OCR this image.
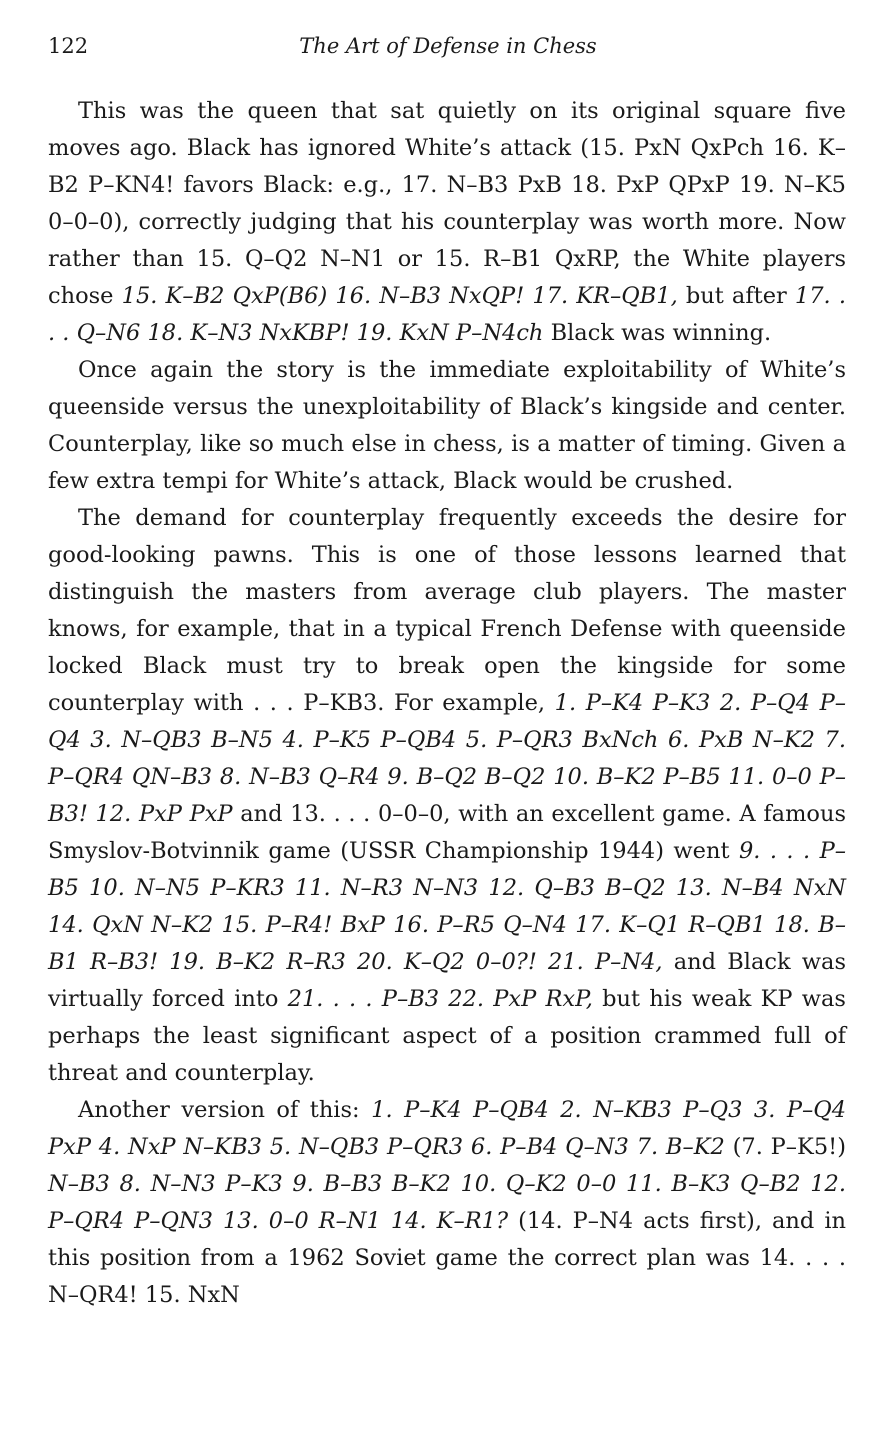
122	The Art of Defense in Chess

This was the queen that sat quietly on its original square five moves ago. Black has ignored White’s attack (15. PxN QxPch 16. K–B2 P–KN4! favors Black: e.g., 17. N–B3 PxB 18. PxP QPxP 19. N–K5 0–0–0), correctly judging that his counterplay was worth more. Now rather than 15. Q–Q2 N–N1 or 15. R–B1 QxRP, the White players chose 15. K–B2 QxP(B6) 16. N–B3 NxQP! 17. KR–QB1, but after 17. . . . Q–N6 18. K–N3 NxKBP! 19. KxN P–N4ch Black was winning.

Once again the story is the immediate exploitability of White’s queenside versus the unexploitability of Black’s kingside and center. Counterplay, like so much else in chess, is a matter of timing. Given a few extra tempi for White’s attack, Black would be crushed.

The demand for counterplay frequently exceeds the desire for good-looking pawns. This is one of those lessons learned that distinguish the masters from average club players. The master knows, for example, that in a typical French Defense with queenside locked Black must try to break open the kingside for some counterplay with . . . P–KB3. For example, 1. P–K4 P–K3 2. P–Q4 P–Q4 3. N–QB3 B–N5 4. P–K5 P–QB4 5. P–QR3 BxNch 6. PxB N–K2 7. P–QR4 QN–B3 8. N–B3 Q–R4 9. B–Q2 B–Q2 10. B–K2 P–B5 11. 0–0 P–B3! 12. PxP PxP and 13. . . . 0–0–0, with an excellent game. A famous Smyslov-Botvinnik game (USSR Championship 1944) went 9. . . . P–B5 10. N–N5 P–KR3 11. N–R3 N–N3 12. Q–B3 B–Q2 13. N–B4 NxN 14. QxN N–K2 15. P–R4! BxP 16. P–R5 Q–N4 17. K–Q1 R–QB1 18. B–B1 R–B3! 19. B–K2 R–R3 20. K–Q2 0–0?! 21. P–N4, and Black was virtually forced into 21. . . . P–B3 22. PxP RxP, but his weak KP was perhaps the least significant aspect of a position crammed full of threat and counterplay.

Another version of this: 1. P–K4 P–QB4 2. N–KB3 P–Q3 3. P–Q4 PxP 4. NxP N–KB3 5. N–QB3 P–QR3 6. P–B4 Q–N3 7. B–K2 (7. P–K5!) N–B3 8. N–N3 P–K3 9. B–B3 B–K2 10. Q–K2 0–0 11. B–K3 Q–B2 12. P–QR4 P–QN3 13. 0–0 R–N1 14. K–R1? (14. P–N4 acts first), and in this position from a 1962 Soviet game the correct plan was 14. . . . N–QR4! 15. NxN
